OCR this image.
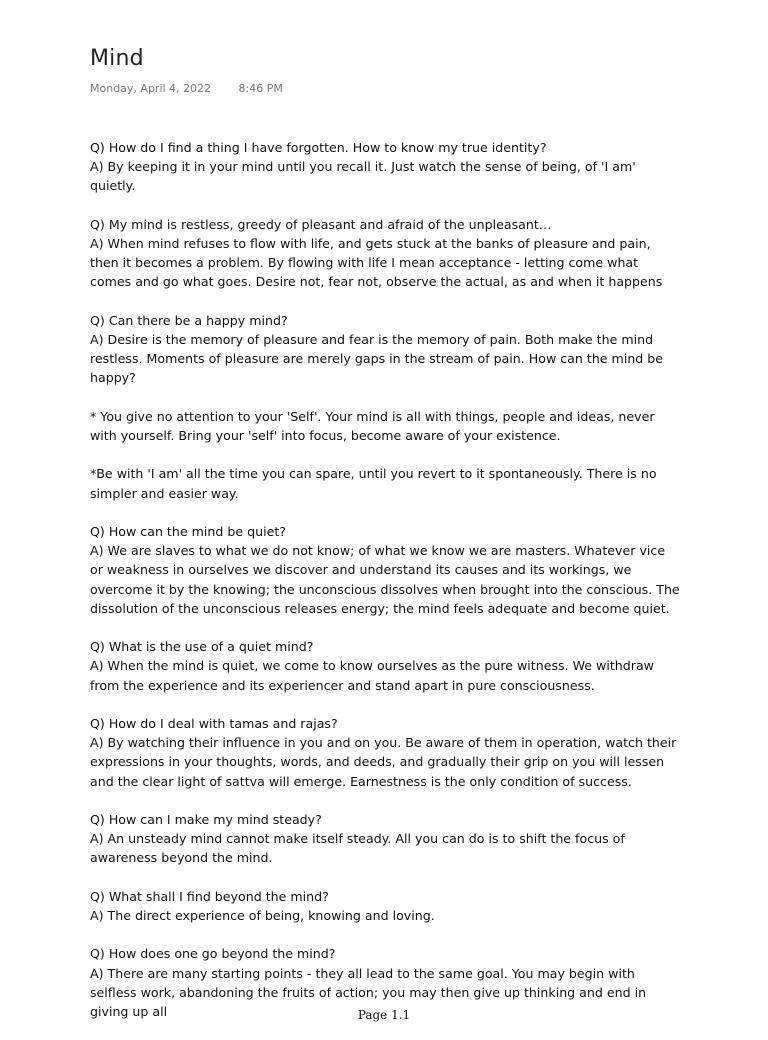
Mind
Monday, April 4, 2022	8:46 PM

Q) How do I find a thing I have forgotten. How to know my true identity?

A) By keeping it in your mind until you recall it. Just watch the sense of being, of 'I am' quietly.

Q) My mind is restless, greedy of pleasant and afraid of the unpleasant…

A) When mind refuses to flow with life, and gets stuck at the banks of pleasure and pain, then it becomes a problem. By flowing with life I mean acceptance - letting come what comes and go what goes. Desire not, fear not, observe the actual, as and when it happens

Q) Can there be a happy mind?

A) Desire is the memory of pleasure and fear is the memory of pain. Both make the mind restless. Moments of pleasure are merely gaps in the stream of pain. How can the mind be happy?

* You give no attention to your 'Self'. Your mind is all with things, people and ideas, never with yourself. Bring your 'self' into focus, become aware of your existence.

*Be with 'I am' all the time you can spare, until you revert to it spontaneously. There is no simpler and easier way.

Q) How can the mind be quiet?

A) We are slaves to what we do not know; of what we know we are masters. Whatever vice or weakness in ourselves we discover and understand its causes and its workings, we overcome it by the knowing; the unconscious dissolves when brought into the conscious. The dissolution of the unconscious releases energy; the mind feels adequate and become quiet.

Q) What is the use of a quiet mind?

A) When the mind is quiet, we come to know ourselves as the pure witness. We withdraw from the experience and its experiencer and stand apart in pure consciousness.

Q) How do I deal with tamas and rajas?

A) By watching their influence in you and on you. Be aware of them in operation, watch their expressions in your thoughts, words, and deeds, and gradually their grip on you will lessen and the clear light of sattva will emerge. Earnestness is the only condition of success.

Q) How can I make my mind steady?

A) An unsteady mind cannot make itself steady. All you can do is to shift the focus of awareness beyond the mind.

Q) What shall I find beyond the mind?

A) The direct experience of being, knowing and loving.

Q) How does one go beyond the mind?

A) There are many starting points - they all lead to the same goal. You may begin with selfless work, abandoning the fruits of action; you may then give up thinking and end in giving up all	Page 1.1
